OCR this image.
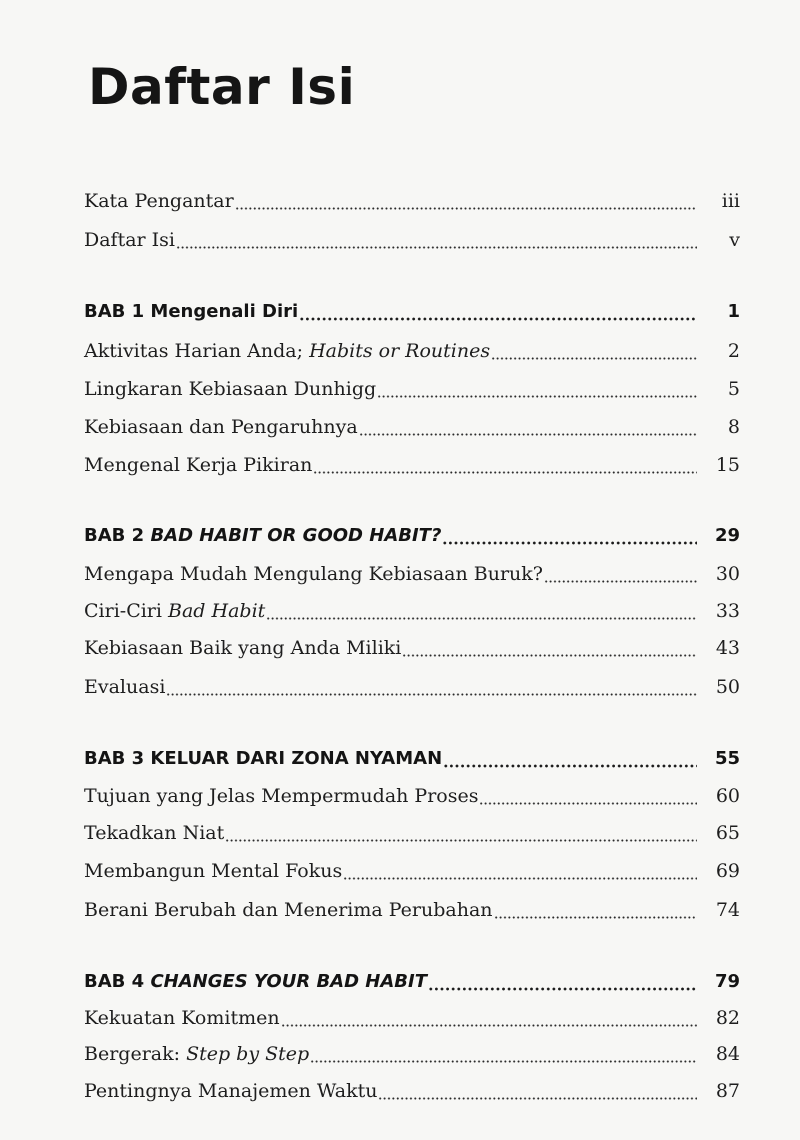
Daftar Isi
Kata Pengantar	iii
Daftar Isi	v
BAB 1 Mengenali Diri	1
Aktivitas Harian Anda; Habits or Routines	2
Lingkaran Kebiasaan Dunhigg	5
Kebiasaan dan Pengaruhnya	8
Mengenal Kerja Pikiran	15
BAB 2 BAD HABIT OR GOOD HABIT?	29
Mengapa Mudah Mengulang Kebiasaan Buruk?	30
Ciri-Ciri Bad Habit	33
Kebiasaan Baik yang Anda Miliki	43
Evaluasi	50
BAB 3 KELUAR DARI ZONA NYAMAN	55
Tujuan yang Jelas Mempermudah Proses	60
Tekadkan Niat	65
Membangun Mental Fokus	69
Berani Berubah dan Menerima Perubahan	74
BAB 4 CHANGES YOUR BAD HABIT	79
Kekuatan Komitmen	82
Bergerak: Step by Step	84
Pentingnya Manajemen Waktu	87
